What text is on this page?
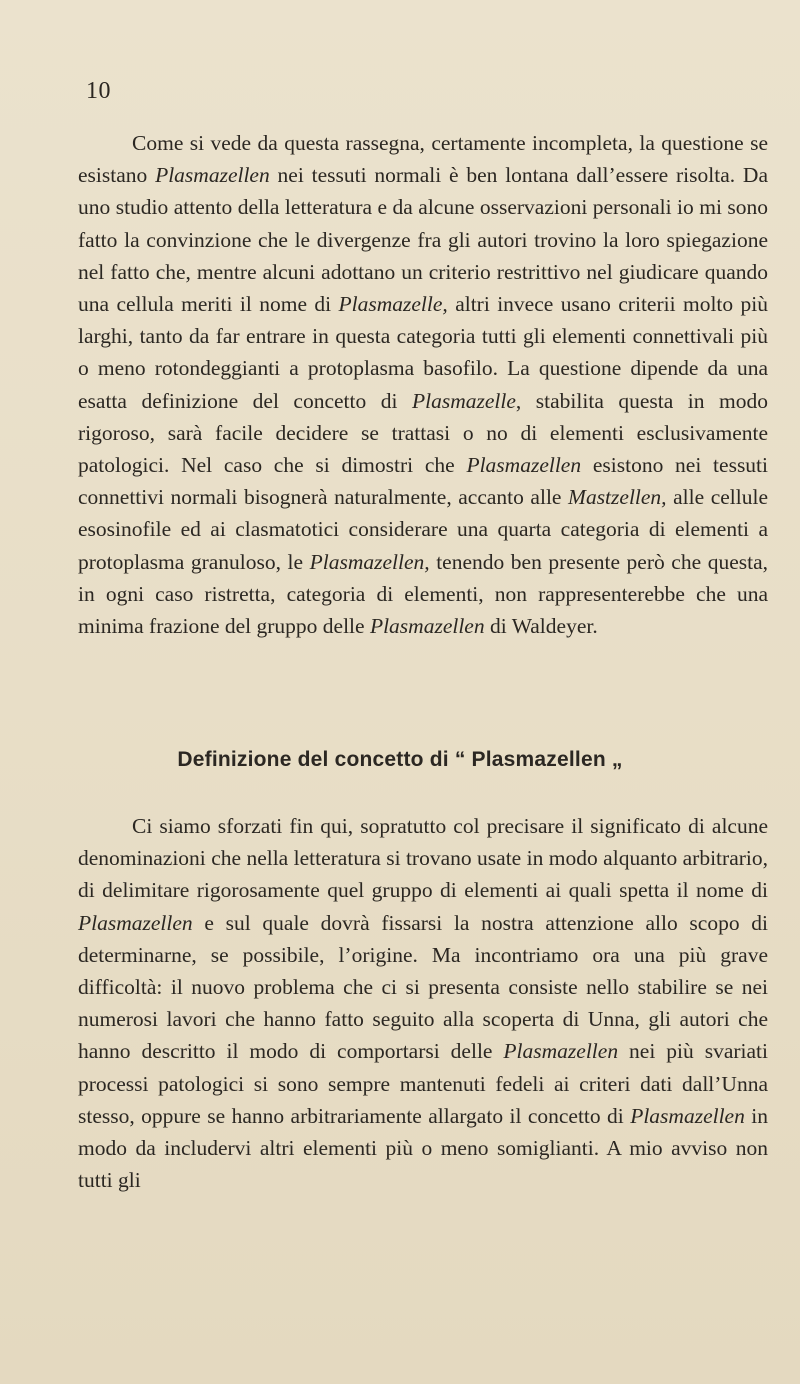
10

Come si vede da questa rassegna, certamente incompleta, la questione se esistano Plasmazellen nei tessuti normali è ben lontana dall’essere risolta. Da uno studio attento della letteratura e da alcune osservazioni personali io mi sono fatto la convinzione che le divergenze fra gli autori trovino la loro spiegazione nel fatto che, mentre alcuni adottano un criterio restrittivo nel giudicare quando una cellula meriti il nome di Plasmazelle, altri invece usano criterii molto più larghi, tanto da far entrare in questa categoria tutti gli elementi connettivali più o meno rotondeggianti a protoplasma basofilo. La questione dipende da una esatta definizione del concetto di Plasmazelle, stabilita questa in modo rigoroso, sarà facile decidere se trattasi o no di elementi esclusivamente patologici. Nel caso che si dimostri che Plasmazellen esistono nei tessuti connettivi normali bisognerà naturalmente, accanto alle Mastzellen, alle cellule esosinofile ed ai clasmatotici considerare una quarta categoria di elementi a protoplasma granuloso, le Plasmazellen, tenendo ben presente però che questa, in ogni caso ristretta, categoria di elementi, non rappresenterebbe che una minima frazione del gruppo delle Plasmazellen di Waldeyer.

Definizione del concetto di “ Plasmazellen „

Ci siamo sforzati fin qui, sopratutto col precisare il significato di alcune denominazioni che nella letteratura si trovano usate in modo alquanto arbitrario, di delimitare rigorosamente quel gruppo di elementi ai quali spetta il nome di Plasmazellen e sul quale dovrà fissarsi la nostra attenzione allo scopo di determinarne, se possibile, l’origine. Ma incontriamo ora una più grave difficoltà: il nuovo problema che ci si presenta consiste nello stabilire se nei numerosi lavori che hanno fatto seguito alla scoperta di Unna, gli autori che hanno descritto il modo di comportarsi delle Plasmazellen nei più svariati processi patologici si sono sempre mantenuti fedeli ai criteri dati dall’Unna stesso, oppure se hanno arbitrariamente allargato il concetto di Plasmazellen in modo da includervi altri elementi più o meno somiglianti. A mio avviso non tutti gli
